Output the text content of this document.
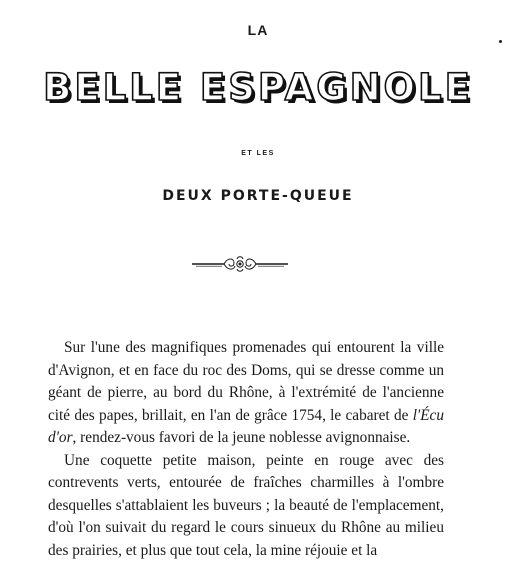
LA
BELLE ESPAGNOLE
ET LES
DEUX PORTE-QUEUE

Sur l'une des magnifiques promenades qui entourent la ville d'Avignon, et en face du roc des Doms, qui se dresse comme un géant de pierre, au bord du Rhône, à l'extrémité de l'ancienne cité des papes, brillait, en l'an de grâce 1754, le cabaret de l'Écu d'or, rendez-vous favori de la jeune noblesse avignonnaise.

Une coquette petite maison, peinte en rouge avec des contrevents verts, entourée de fraîches charmilles à l'ombre desquelles s'attablaient les buveurs ; la beauté de l'emplacement, d'où l'on suivait du regard le cours sinueux du Rhône au milieu des prairies, et plus que tout cela, la mine réjouie et la
